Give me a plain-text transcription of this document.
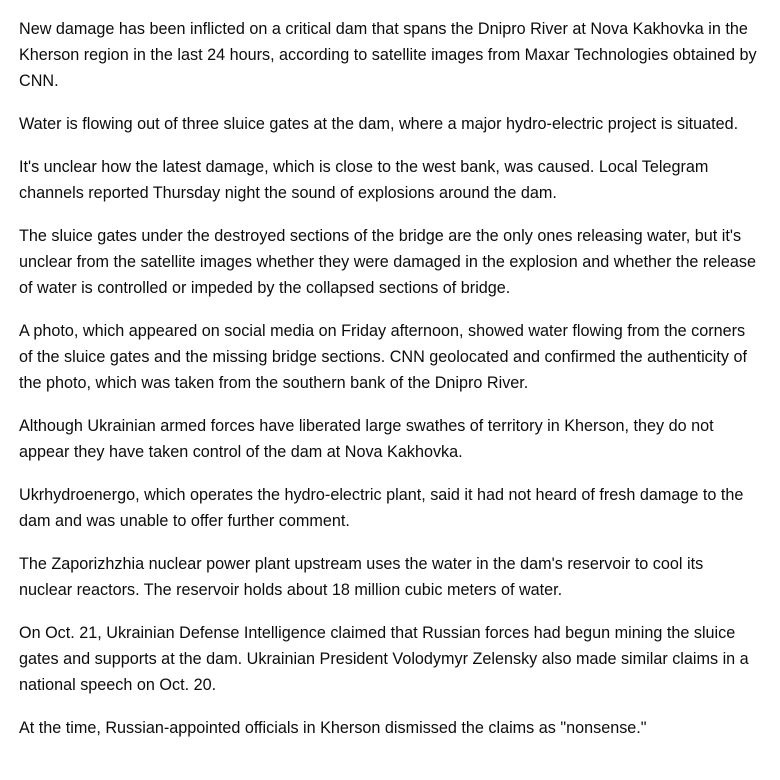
New damage has been inflicted on a critical dam that spans the Dnipro River at Nova Kakhovka in the Kherson region in the last 24 hours, according to satellite images from Maxar Technologies obtained by CNN.

Water is flowing out of three sluice gates at the dam, where a major hydro-electric project is situated.

It's unclear how the latest damage, which is close to the west bank, was caused. Local Telegram channels reported Thursday night the sound of explosions around the dam.

The sluice gates under the destroyed sections of the bridge are the only ones releasing water, but it's unclear from the satellite images whether they were damaged in the explosion and whether the release of water is controlled or impeded by the collapsed sections of bridge.

A photo, which appeared on social media on Friday afternoon, showed water flowing from the corners of the sluice gates and the missing bridge sections. CNN geolocated and confirmed the authenticity of the photo, which was taken from the southern bank of the Dnipro River.

Although Ukrainian armed forces have liberated large swathes of territory in Kherson, they do not appear they have taken control of the dam at Nova Kakhovka.

Ukrhydroenergo, which operates the hydro-electric plant, said it had not heard of fresh damage to the dam and was unable to offer further comment.

The Zaporizhzhia nuclear power plant upstream uses the water in the dam's reservoir to cool its nuclear reactors. The reservoir holds about 18 million cubic meters of water.

On Oct. 21, Ukrainian Defense Intelligence claimed that Russian forces had begun mining the sluice gates and supports at the dam. Ukrainian President Volodymyr Zelensky also made similar claims in a national speech on Oct. 20.

At the time, Russian-appointed officials in Kherson dismissed the claims as "nonsense."
